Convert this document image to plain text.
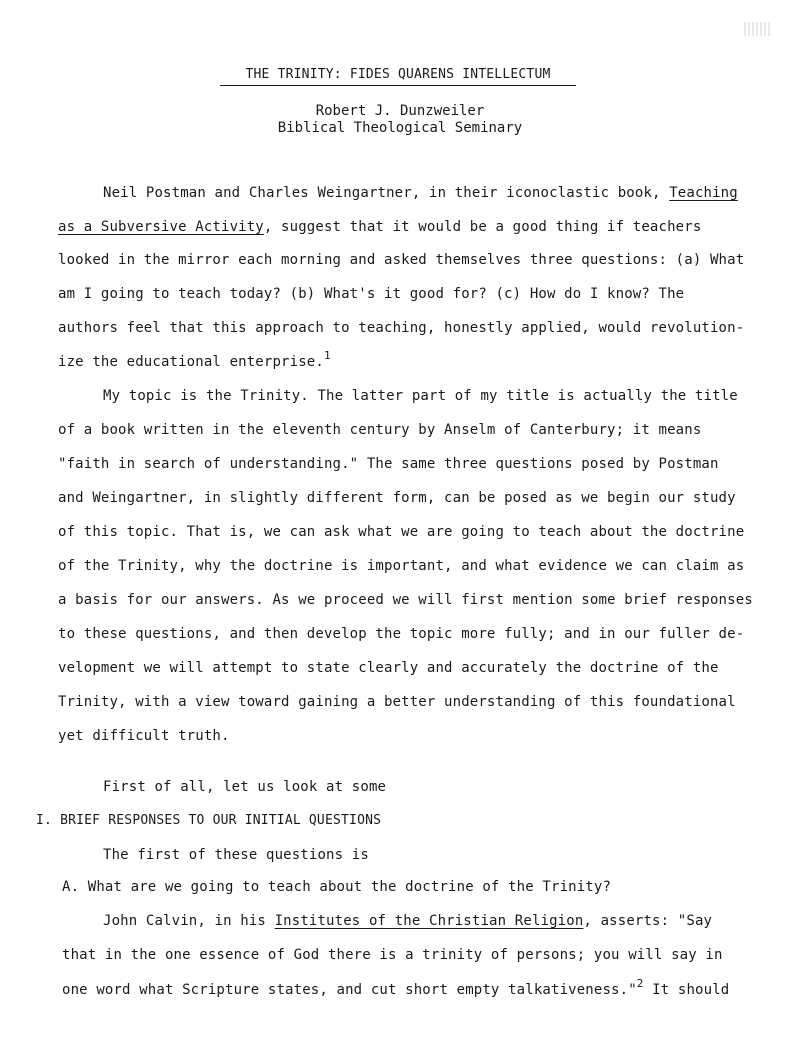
THE TRINITY: FIDES QUARENS INTELLECTUM
Robert J. Dunzweiler
Biblical Theological Seminary
Neil Postman and Charles Weingartner, in their iconoclastic book, Teaching
as a Subversive Activity, suggest that it would be a good thing if teachers
looked in the mirror each morning and asked themselves three questions: (a) What
am I going to teach today? (b) What's it good for? (c) How do I know? The
authors feel that this approach to teaching, honestly applied, would revolution-
ize the educational enterprise.$^1$
My topic is the Trinity. The latter part of my title is actually the title
of a book written in the eleventh century by Anselm of Canterbury; it means
"faith in search of understanding." The same three questions posed by Postman
and Weingartner, in slightly different form, can be posed as we begin our study
of this topic. That is, we can ask what we are going to teach about the doctrine
of the Trinity, why the doctrine is important, and what evidence we can claim as
a basis for our answers. As we proceed we will first mention some brief responses
to these questions, and then develop the topic more fully; and in our fuller de-
velopment we will attempt to state clearly and accurately the doctrine of the
Trinity, with a view toward gaining a better understanding of this foundational
yet difficult truth.
First of all, let us look at some
I. BRIEF RESPONSES TO OUR INITIAL QUESTIONS
The first of these questions is
A. What are we going to teach about the doctrine of the Trinity?
John Calvin, in his Institutes of the Christian Religion, asserts: "Say
that in the one essence of God there is a trinity of persons; you will say in
one word what Scripture states, and cut short empty talkativeness."$^2$ It should
